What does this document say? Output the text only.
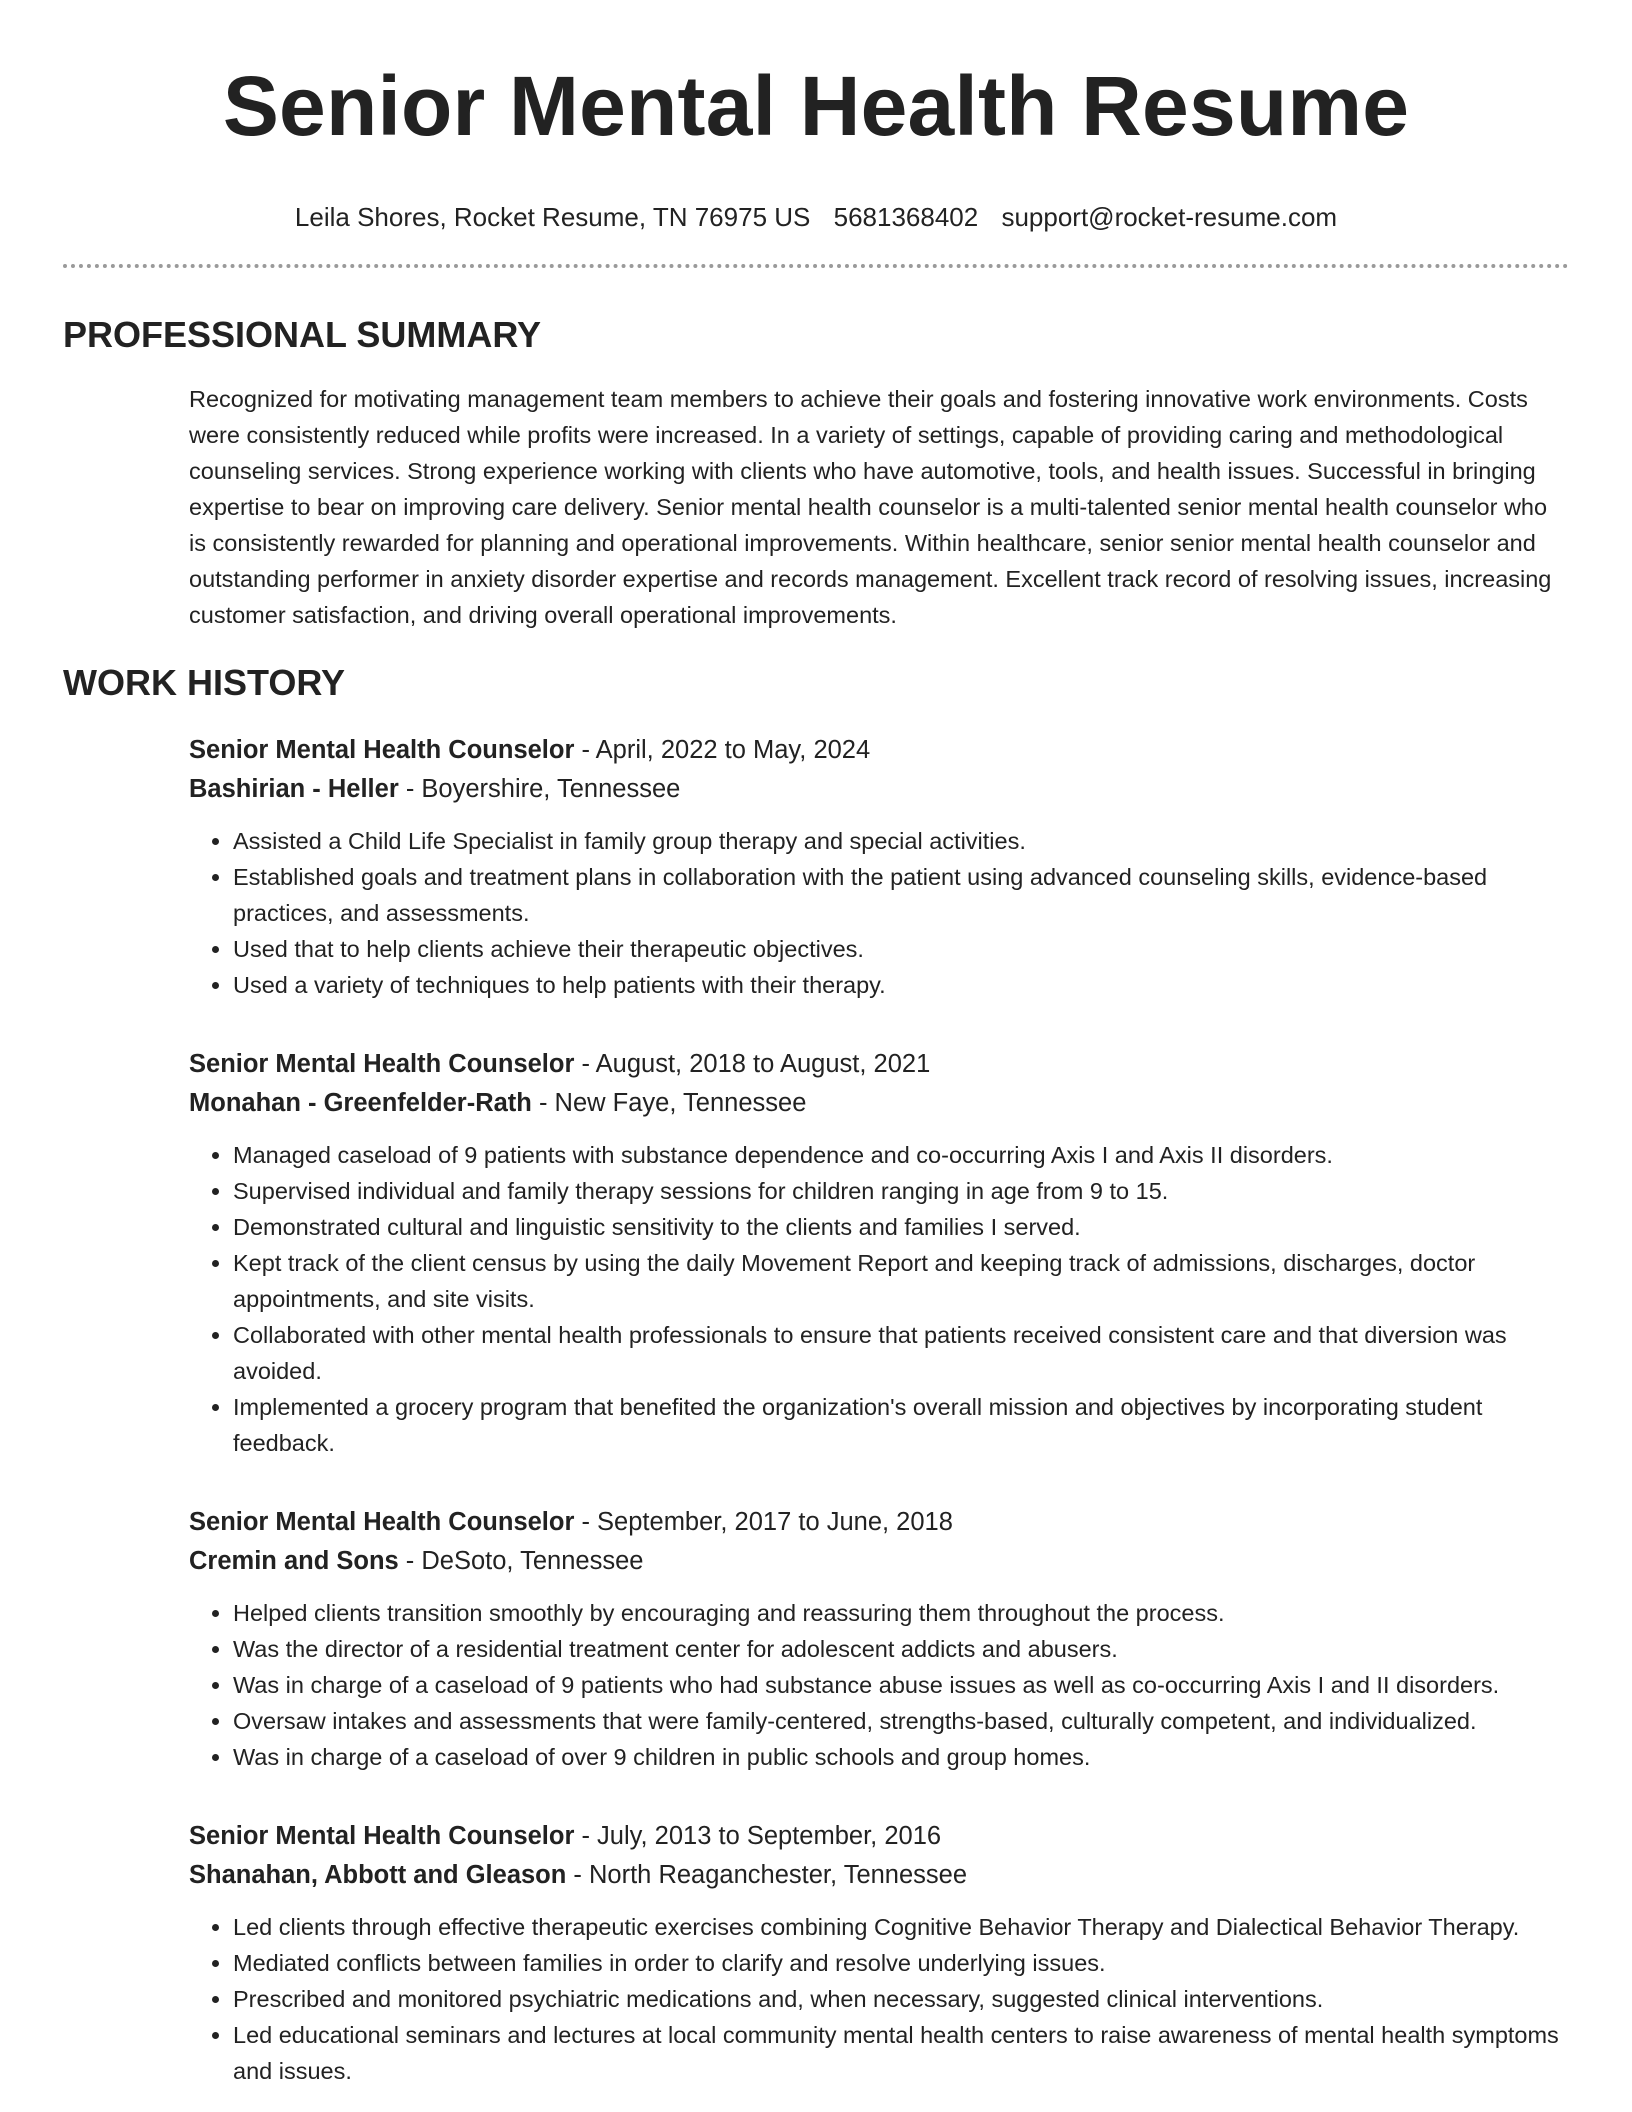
Senior Mental Health Resume
Leila Shores, Rocket Resume, TN 76975 US 5681368402 support@rocket-resume.com
PROFESSIONAL SUMMARY

Recognized for motivating management team members to achieve their goals and fostering innovative work environments. Costs were consistently reduced while profits were increased. In a variety of settings, capable of providing caring and methodological counseling services. Strong experience working with clients who have automotive, tools, and health issues. Successful in bringing expertise to bear on improving care delivery. Senior mental health counselor is a multi-talented senior mental health counselor who is consistently rewarded for planning and operational improvements. Within healthcare, senior senior mental health counselor and outstanding performer in anxiety disorder expertise and records management. Excellent track record of resolving issues, increasing customer satisfaction, and driving overall operational improvements.

WORK HISTORY
Senior Mental Health Counselor - April, 2022 to May, 2024
Bashirian - Heller - Boyershire, Tennessee
• Assisted a Child Life Specialist in family group therapy and special activities.
• Established goals and treatment plans in collaboration with the patient using advanced counseling skills, evidence-based practices, and assessments.
• Used that to help clients achieve their therapeutic objectives.
• Used a variety of techniques to help patients with their therapy.
Senior Mental Health Counselor - August, 2018 to August, 2021
Monahan - Greenfelder-Rath - New Faye, Tennessee
• Managed caseload of 9 patients with substance dependence and co-occurring Axis I and Axis II disorders.
• Supervised individual and family therapy sessions for children ranging in age from 9 to 15.
• Demonstrated cultural and linguistic sensitivity to the clients and families I served.
• Kept track of the client census by using the daily Movement Report and keeping track of admissions, discharges, doctor appointments, and site visits.
• Collaborated with other mental health professionals to ensure that patients received consistent care and that diversion was avoided.
• Implemented a grocery program that benefited the organization's overall mission and objectives by incorporating student feedback.
Senior Mental Health Counselor - September, 2017 to June, 2018
Cremin and Sons - DeSoto, Tennessee
• Helped clients transition smoothly by encouraging and reassuring them throughout the process.
• Was the director of a residential treatment center for adolescent addicts and abusers.
• Was in charge of a caseload of 9 patients who had substance abuse issues as well as co-occurring Axis I and II disorders.
• Oversaw intakes and assessments that were family-centered, strengths-based, culturally competent, and individualized.
• Was in charge of a caseload of over 9 children in public schools and group homes.
Senior Mental Health Counselor - July, 2013 to September, 2016
Shanahan, Abbott and Gleason - North Reaganchester, Tennessee
• Led clients through effective therapeutic exercises combining Cognitive Behavior Therapy and Dialectical Behavior Therapy.
• Mediated conflicts between families in order to clarify and resolve underlying issues.
• Prescribed and monitored psychiatric medications and, when necessary, suggested clinical interventions.
• Led educational seminars and lectures at local community mental health centers to raise awareness of mental health symptoms and issues.
